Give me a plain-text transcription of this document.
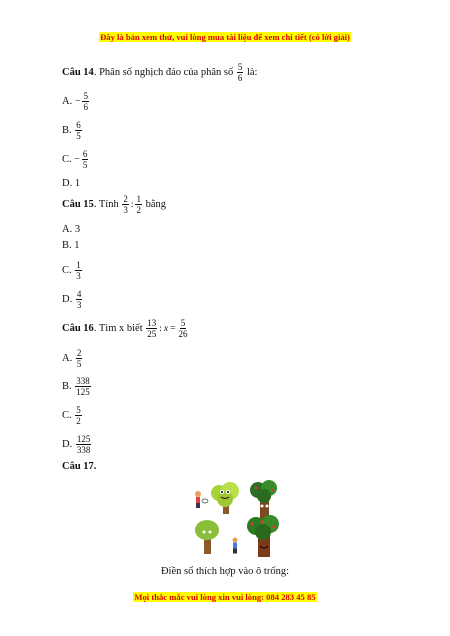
Đây là bản xem thử, vui lòng mua tài liệu để xem chi tiết (có lời giải)
Câu 14. Phân số nghịch đảo của phân số $\frac{5}{6}$ là:
A. − $\frac{5}{6}$
B. $\frac{6}{5}$
C. − $\frac{6}{5}$
D. 1
Câu 15. Tính $\frac{2}{3}$ : $\frac{1}{2}$ bằng
A. 3
B. 1
C. $\frac{1}{3}$
D. $\frac{4}{3}$
Câu 16. Tìm x biết $\frac{13}{25}$ : $x = \frac{5}{26}$
A. $\frac{2}{5}$
B. $\frac{338}{125}$
C. $\frac{5}{2}$
D. $\frac{125}{338}$
Câu 17.
Điền số thích hợp vào ô trống:
Mọi thắc mắc vui lòng xin vui lòng: 084 283 45 85
